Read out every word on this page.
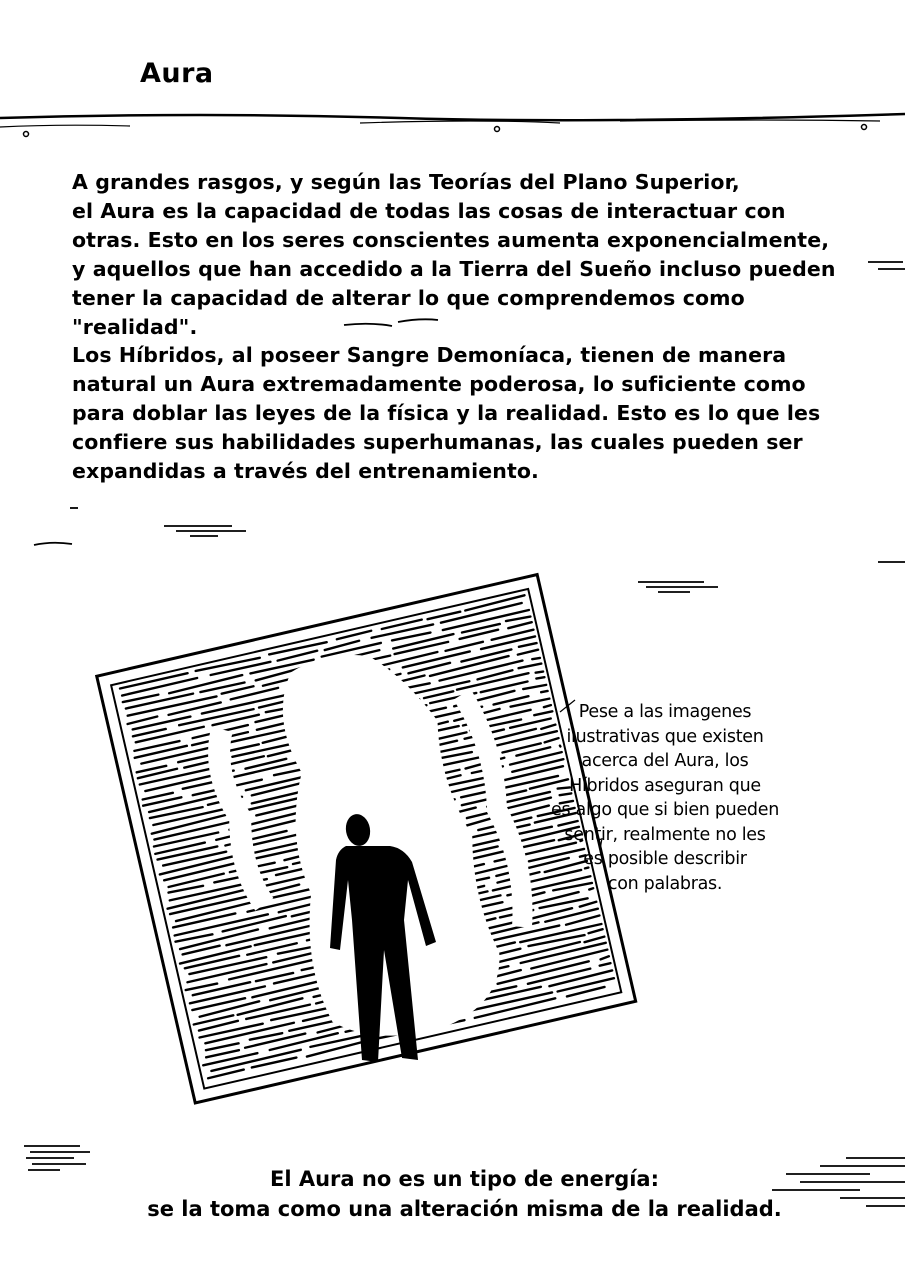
Aura
A grandes rasgos, y según las Teorías del Plano Superior,
el Aura es la capacidad de todas las cosas de interactuar con
otras. Esto en los seres conscientes aumenta exponencialmente,
y aquellos que han accedido a la Tierra del Sueño incluso pueden
tener la capacidad de alterar lo que comprendemos como "realidad".
Los Híbridos, al poseer Sangre Demoníaca, tienen de manera
natural un Aura extremadamente poderosa, lo suficiente como
para doblar las leyes de la física y la realidad. Esto es lo que les
confiere sus habilidades superhumanas, las cuales pueden ser
expandidas a través del entrenamiento.
Pese a las imagenes
ilustrativas que existen
acerca del Aura, los
Híbridos aseguran que
es algo que si bien pueden
sentir, realmente no les
es posible describir
con palabras.
El Aura no es un tipo de energía:
se la toma como una alteración misma de la realidad.
